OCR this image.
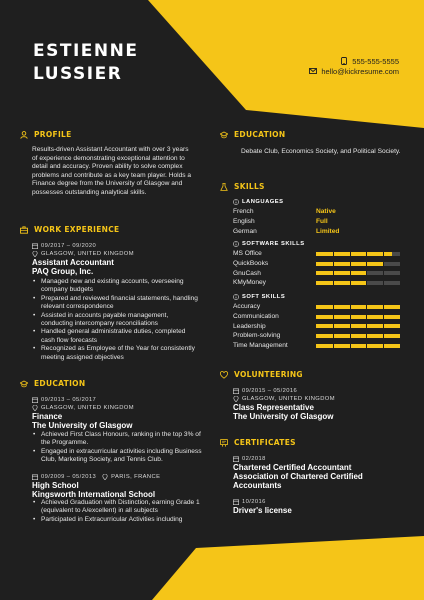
ESTIENNE
LUSSIER
555-555-5555
hello@kickresume.com
PROFILE
Results-driven Assistant Accountant with over 3 years of experience demonstrating exceptional attention to detail and accuracy. Proven ability to solve complex problems and contribute as a key team player. Holds a Finance degree from the University of Glasgow and possesses outstanding analytical skills.
WORK EXPERIENCE
09/2017 – 09/2020
GLASGOW, UNITED KINGDOM
Assistant Accountant
PAQ Group, Inc.
• Managed new and existing accounts, overseeing company budgets
• Prepared and reviewed financial statements, handling relevant correspondence
• Assisted in accounts payable management, conducting intercompany reconciliations
• Handled general administrative duties, completed cash flow forecasts
• Recognized as Employee of the Year for consistently meeting assigned objectives
EDUCATION
09/2013 – 05/2017
GLASGOW, UNITED KINGDOM
Finance
The University of Glasgow
• Achieved First Class Honours, ranking in the top 3% of the Programme.
• Engaged in extracurricular activities including Business Club, Marketing Society, and Tennis Club.
09/2009 – 05/2013	PARIS, FRANCE
High School
Kingsworth International School
• Achieved Graduation with Distinction, earning Grade 1 (equivalent to A/excellent) in all subjects
• Participated in Extracurricular Activities including
EDUCATION
Debate Club, Economics Society, and Political Society.
SKILLS
LANGUAGES
French	Native
English	Full
German	Limited
SOFTWARE SKILLS
MS Office
QuickBooks
GnuCash
KMyMoney
SOFT SKILLS
Accuracy
Communication
Leadership
Problem-solving
Time Management
VOLUNTEERING
09/2015 – 05/2016
GLASGOW, UNITED KINGDOM
Class Representative
The University of Glasgow
CERTIFICATES
02/2018
Chartered Certified Accountant Association of Chartered Certified Accountants
10/2016
Driver's license
